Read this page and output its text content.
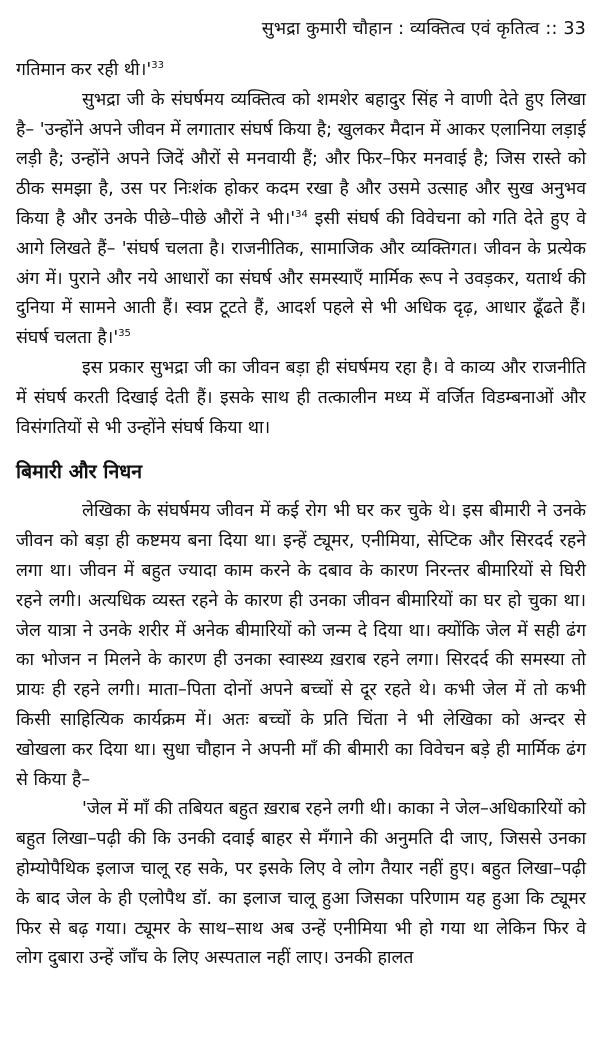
सुभद्रा कुमारी चौहान : व्यक्तित्व एवं कृतित्व :: 33

गतिमान कर रही $थी।'^{33}$

सुभद्रा जी के संघर्षमय व्यक्तित्व को शमशेर बहादुर सिंह ने वाणी देते हुए लिखा है– 'उन्होंने अपने जीवन में लगातार संघर्ष किया है; खुलकर मैदान में आकर एलानिया लड़ाई लड़ी है; उन्होंने अपने जिदें औरों से मनवायी हैं; और फिर–फिर मनवाई है; जिस रास्ते को ठीक समझा है, उस पर निःशंक होकर कदम रखा है और उसमे उत्साह और सुख अनुभव किया है और उनके पीछे–पीछे औरों ने $भी।'^{34}$ इसी संघर्ष की विवेचना को गति देते हुए वे आगे लिखते हैं– 'संघर्ष चलता है। राजनीतिक, सामाजिक और व्यक्तिगत। जीवन के प्रत्येक अंग में। पुराने और नये आधारों का संघर्ष और समस्याएँ मार्मिक रूप ने उवड़कर, यतार्थ की दुनिया में सामने आती हैं। स्वप्न टूटते हैं, आदर्श पहले से भी अधिक दृढ़, आधार ढूँढते हैं। संघर्ष चलता $है।'^{35}$

इस प्रकार सुभद्रा जी का जीवन बड़ा ही संघर्षमय रहा है। वे काव्य और राजनीति में संघर्ष करती दिखाई देती हैं। इसके साथ ही तत्कालीन मध्य में वर्जित विडम्बनाओं और विसंगतियों से भी उन्होंने संघर्ष किया था।

बिमारी और निधन

लेखिका के संघर्षमय जीवन में कई रोग भी घर कर चुके थे। इस बीमारी ने उनके जीवन को बड़ा ही कष्टमय बना दिया था। इन्हें ट्यूमर, एनीमिया, सेप्टिक और सिरदर्द रहने लगा था। जीवन में बहुत ज्यादा काम करने के दबाव के कारण निरन्तर बीमारियों से घिरी रहने लगी। अत्यधिक व्यस्त रहने के कारण ही उनका जीवन बीमारियों का घर हो चुका था। जेल यात्रा ने उनके शरीर में अनेक बीमारियों को जन्म दे दिया था। क्योंकि जेल में सही ढंग का भोजन न मिलने के कारण ही उनका स्वास्थ्य ख़राब रहने लगा। सिरदर्द की समस्या तो प्रायः ही रहने लगी। माता–पिता दोनों अपने बच्चों से दूर रहते थे। कभी जेल में तो कभी किसी साहित्यिक कार्यक्रम में। अतः बच्चों के प्रति चिंता ने भी लेखिका को अन्दर से खोखला कर दिया था। सुधा चौहान ने अपनी माँ की बीमारी का विवेचन बड़े ही मार्मिक ढंग से किया है–

'जेल में माँ की तबियत बहुत ख़राब रहने लगी थी। काका ने जेल–अधिकारियों को बहुत लिखा–पढ़ी की कि उनकी दवाई बाहर से मँगाने की अनुमति दी जाए, जिससे उनका होम्योपैथिक इलाज चालू रह सके, पर इसके लिए वे लोग तैयार नहीं हुए। बहुत लिखा–पढ़ी के बाद जेल के ही एलोपैथ डॉ. का इलाज चालू हुआ जिसका परिणाम यह हुआ कि ट्यूमर फिर से बढ़ गया। ट्यूमर के साथ–साथ अब उन्हें एनीमिया भी हो गया था लेकिन फिर वे लोग दुबारा उन्हें जाँच के लिए अस्पताल नहीं लाए। उनकी हालत
